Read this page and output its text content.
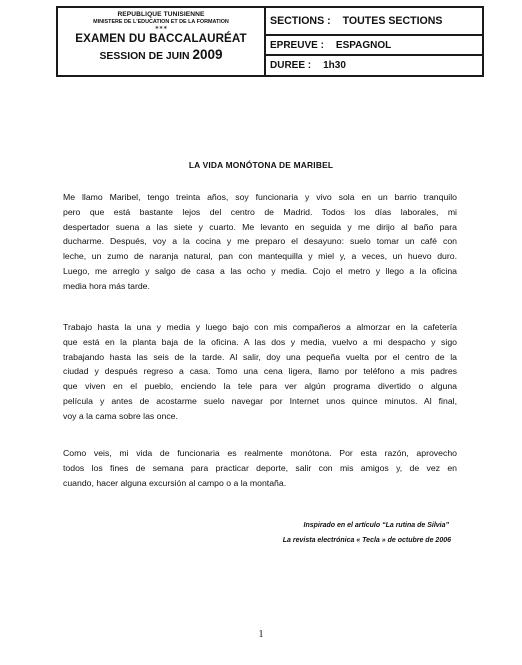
REPUBLIQUE TUNISIENNE
MINISTERE DE L'EDUCATION ET DE LA FORMATION
∗∗∗
EXAMEN DU BACCALAURÉAT
SESSION DE JUIN 2009
SECTIONS : TOUTES SECTIONS
EPREUVE : ESPAGNOL
DUREE : 1h30
LA VIDA MONÓTONA DE MARIBEL

Me llamo Maribel, tengo treinta años, soy funcionaria y vivo sola en un barrio tranquilo
pero que está bastante lejos del centro de Madrid. Todos los días laborales, mi
despertador suena a las siete y cuarto. Me levanto en seguida y me dirijo al baño para
ducharme. Después, voy a la cocina y me preparo el desayuno: suelo tomar un café con
leche, un zumo de naranja natural, pan con mantequilla y miel y, a veces, un huevo duro.
Luego, me arreglo y salgo de casa a las ocho y media. Cojo el metro y llego a la oficina
media hora más tarde.

Trabajo hasta la una y media y luego bajo con mis compañeros a almorzar en la cafetería
que está en la planta baja de la oficina. A las dos y media, vuelvo a mi despacho y sigo
trabajando hasta las seis de la tarde. Al salir, doy una pequeña vuelta por el centro de la
ciudad y después regreso a casa. Tomo una cena ligera, llamo por teléfono a mis padres
que viven en el pueblo, enciendo la tele para ver algún programa divertido o alguna
película y antes de acostarme suelo navegar por Internet unos quince minutos. Al final,
voy a la cama sobre las once.

Como veis, mi vida de funcionaria es realmente monótona. Por esta razón, aprovecho
todos los fines de semana para practicar deporte, salir con mis amigos y, de vez en
cuando, hacer alguna excursión al campo o a la montaña.

Inspirado en el artículo “La rutina de Silvia”
La revista electrónica « Tecla » de octubre de 2006
1
